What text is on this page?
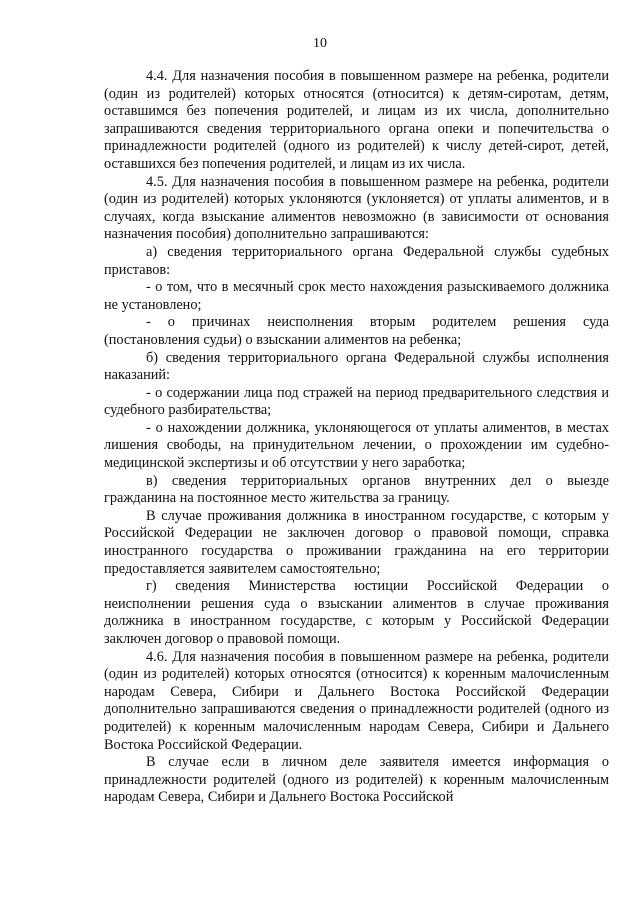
10

4.4. Для назначения пособия в повышенном размере на ребенка, родители (один из родителей) которых относятся (относится) к детям-сиротам, детям, оставшимся без попечения родителей, и лицам из их числа, дополнительно запрашиваются сведения территориального органа опеки и попечительства о принадлежности родителей (одного из родителей) к числу детей-сирот, детей, оставшихся без попечения родителей, и лицам из их числа.

4.5. Для назначения пособия в повышенном размере на ребенка, родители (один из родителей) которых уклоняются (уклоняется) от уплаты алиментов, и в случаях, когда взыскание алиментов невозможно (в зависимости от основания назначения пособия) дополнительно запрашиваются:

а) сведения территориального органа Федеральной службы судебных приставов:

- о том, что в месячный срок место нахождения разыскиваемого должника не установлено;

- о причинах неисполнения вторым родителем решения суда (постановления судьи) о взыскании алиментов на ребенка;

б) сведения территориального органа Федеральной службы исполнения наказаний:

- о содержании лица под стражей на период предварительного следствия и судебного разбирательства;

- о нахождении должника, уклоняющегося от уплаты алиментов, в местах лишения свободы, на принудительном лечении, о прохождении им судебно-медицинской экспертизы и об отсутствии у него заработка;

в) сведения территориальных органов внутренних дел о выезде гражданина на постоянное место жительства за границу.

В случае проживания должника в иностранном государстве, с которым у Российской Федерации не заключен договор о правовой помощи, справка иностранного государства о проживании гражданина на его территории предоставляется заявителем самостоятельно;

г) сведения Министерства юстиции Российской Федерации о неисполнении решения суда о взыскании алиментов в случае проживания должника в иностранном государстве, с которым у Российской Федерации заключен договор о правовой помощи.

4.6. Для назначения пособия в повышенном размере на ребенка, родители (один из родителей) которых относятся (относится) к коренным малочисленным народам Севера, Сибири и Дальнего Востока Российской Федерации дополнительно запрашиваются сведения о принадлежности родителей (одного из родителей) к коренным малочисленным народам Севера, Сибири и Дальнего Востока Российской Федерации.

В случае если в личном деле заявителя имеется информация о принадлежности родителей (одного из родителей) к коренным малочисленным народам Севера, Сибири и Дальнего Востока Российской
